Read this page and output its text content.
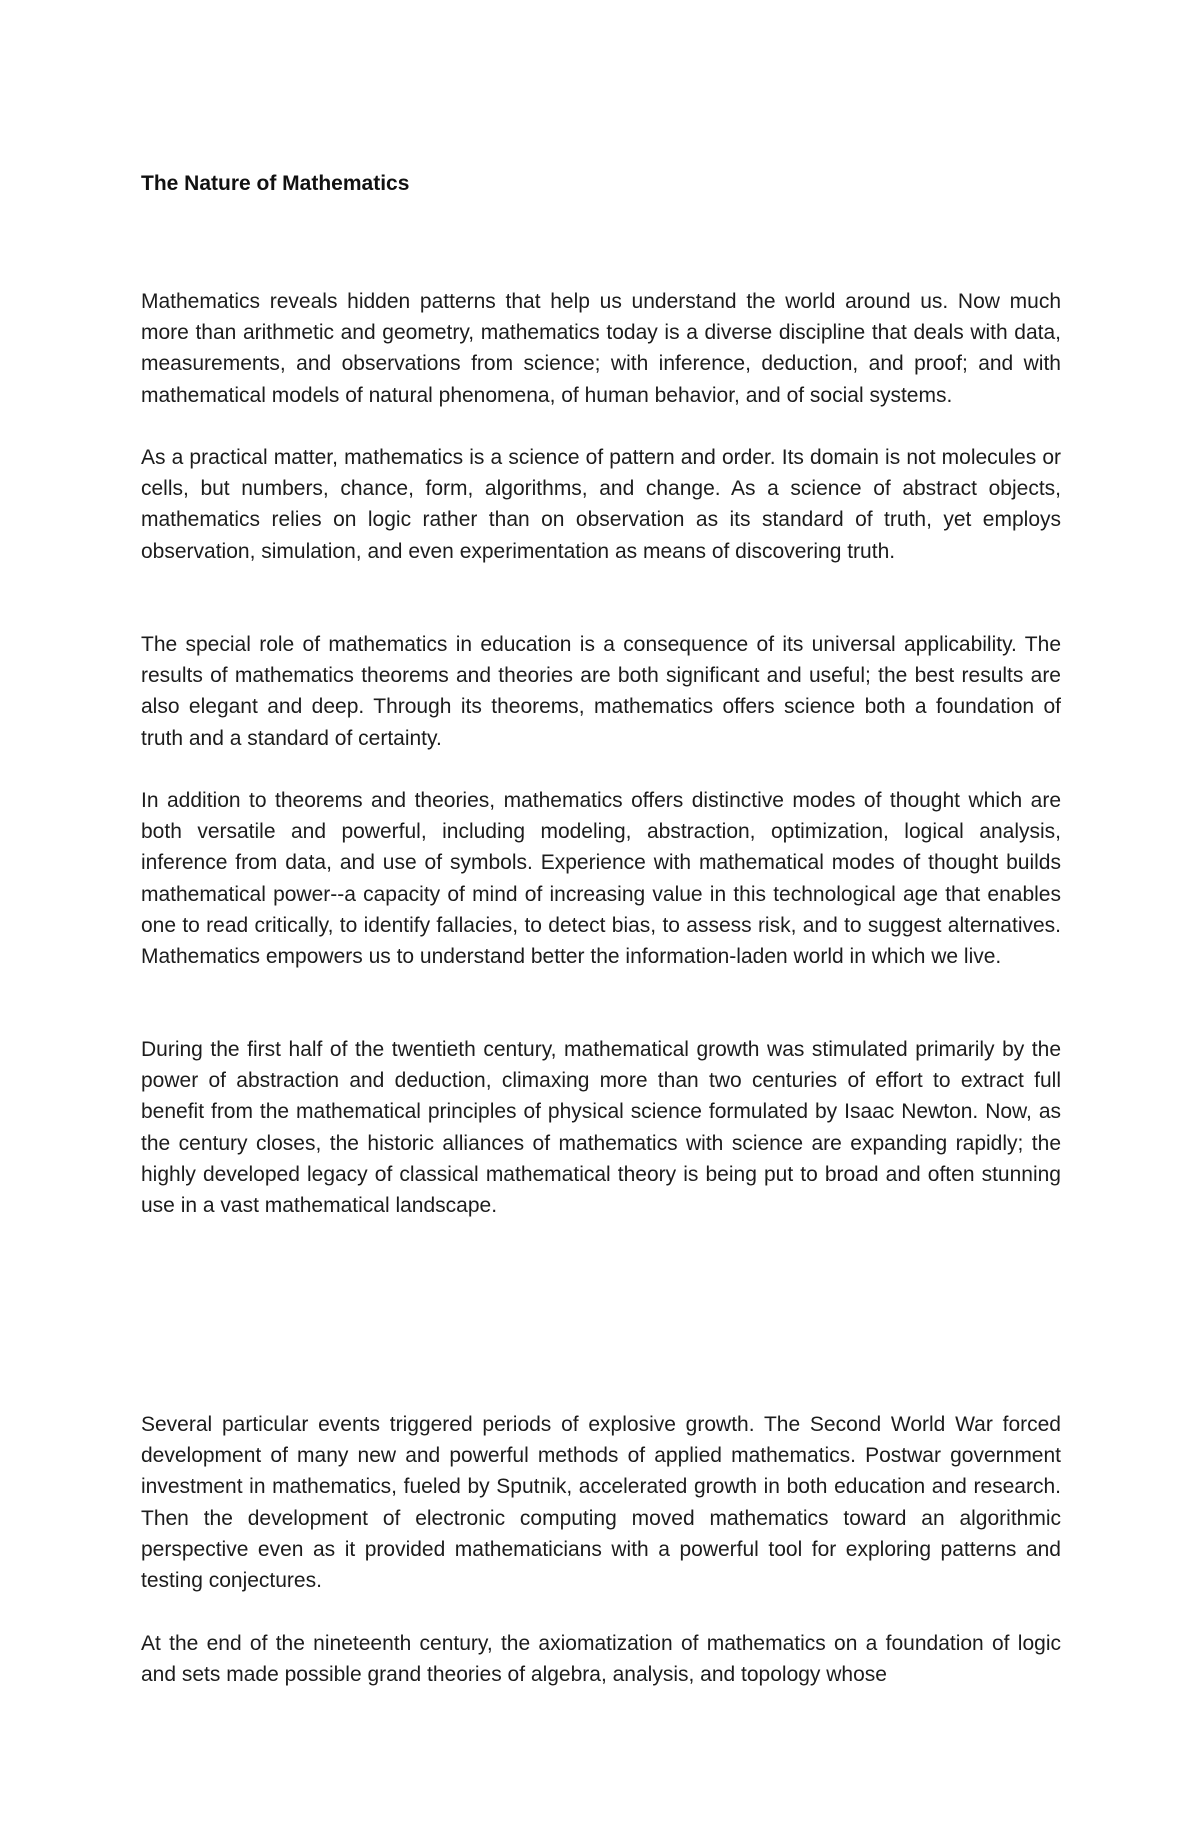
The Nature of Mathematics

Mathematics reveals hidden patterns that help us understand the world around us. Now much more than arithmetic and geometry, mathematics today is a diverse discipline that deals with data, measurements, and observations from science; with inference, deduction, and proof; and with mathematical models of natural phenomena, of human behavior, and of social systems.

As a practical matter, mathematics is a science of pattern and order. Its domain is not molecules or cells, but numbers, chance, form, algorithms, and change. As a science of abstract objects, mathematics relies on logic rather than on observation as its standard of truth, yet employs observation, simulation, and even experimentation as means of discovering truth.

The special role of mathematics in education is a consequence of its universal applicability. The results of mathematics theorems and theories are both significant and useful; the best results are also elegant and deep. Through its theorems, mathematics offers science both a foundation of truth and a standard of certainty.

In addition to theorems and theories, mathematics offers distinctive modes of thought which are both versatile and powerful, including modeling, abstraction, optimization, logical analysis, inference from data, and use of symbols. Experience with mathematical modes of thought builds mathematical power--a capacity of mind of increasing value in this technological age that enables one to read critically, to identify fallacies, to detect bias, to assess risk, and to suggest alternatives. Mathematics empowers us to understand better the information-laden world in which we live.

During the first half of the twentieth century, mathematical growth was stimulated primarily by the power of abstraction and deduction, climaxing more than two centuries of effort to extract full benefit from the mathematical principles of physical science formulated by Isaac Newton. Now, as the century closes, the historic alliances of mathematics with science are expanding rapidly; the highly developed legacy of classical mathematical theory is being put to broad and often stunning use in a vast mathematical landscape.

Several particular events triggered periods of explosive growth. The Second World War forced development of many new and powerful methods of applied mathematics. Postwar government investment in mathematics, fueled by Sputnik, accelerated growth in both education and research. Then the development of electronic computing moved mathematics toward an algorithmic perspective even as it provided mathematicians with a powerful tool for exploring patterns and testing conjectures.

At the end of the nineteenth century, the axiomatization of mathematics on a foundation of logic and sets made possible grand theories of algebra, analysis, and topology whose
